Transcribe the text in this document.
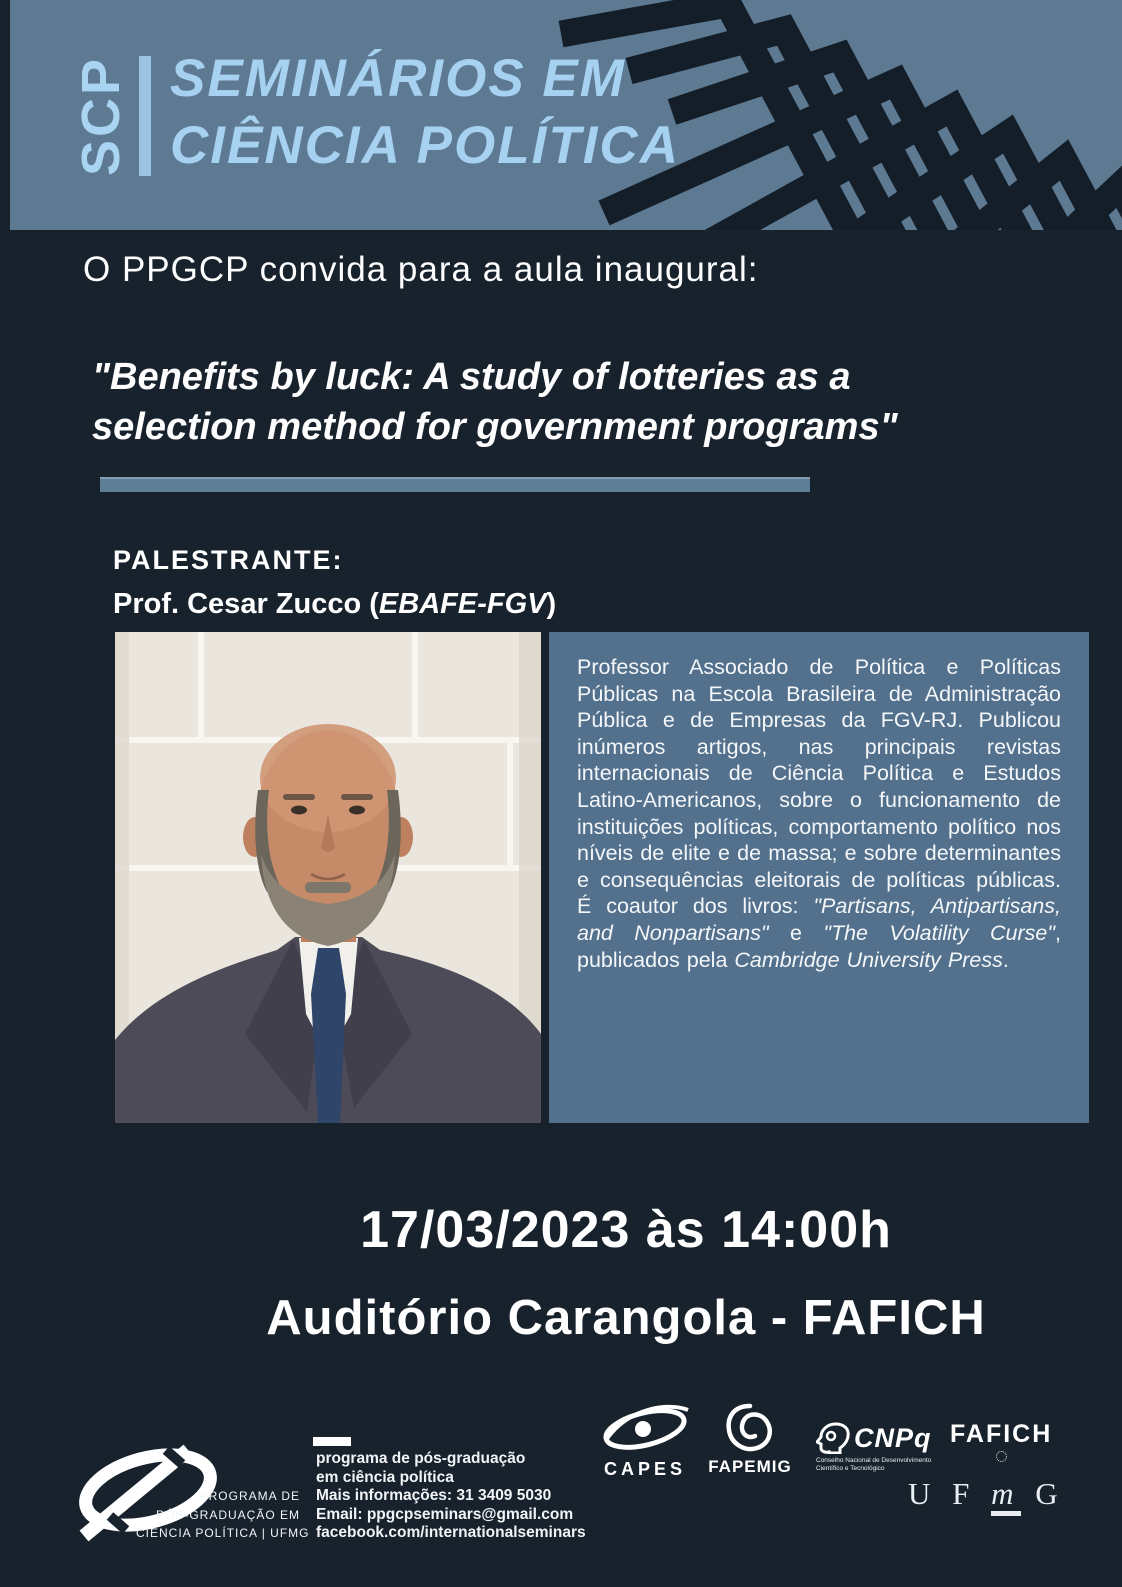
SCP SEMINÁRIOS EM
CIÊNCIA POLÍTICA
O PPGCP convida para a aula inaugural:
"Benefits by luck: A study of lotteries as a
selection method for government programs"
PALESTRANTE:
Prof. Cesar Zucco (EBAFE-FGV)
Professor Associado de Política e Políticas Públicas na Escola Brasileira de Administração Pública e de Empresas da FGV-RJ. Publicou inúmeros artigos, nas principais revistas internacionais de Ciência Política e Estudos Latino-Americanos, sobre o funcionamento de instituições políticas, comportamento político nos níveis de elite e de massa; e sobre determinantes e consequências eleitorais de políticas públicas. É coautor dos livros: "Partisans, Antipartisans, and Nonpartisans" e "The Volatility Curse", publicados pela Cambridge University Press.
17/03/2023 às 14:00h
Auditório Carangola - FAFICH
PROGRAMA DE
PÓS-GRADUAÇÃO EM
CIÊNCIA POLÍTICA | UFMG
programa de pós-graduação
em ciência política
Mais informações: 31 3409 5030
Email: ppgcpseminars@gmail.com
facebook.com/internationalseminars
CAPES	FAPEMIG
CNPq
Conselho Nacional de Desenvolvimento
Científico e Tecnológico
FAFICH
U F m G
